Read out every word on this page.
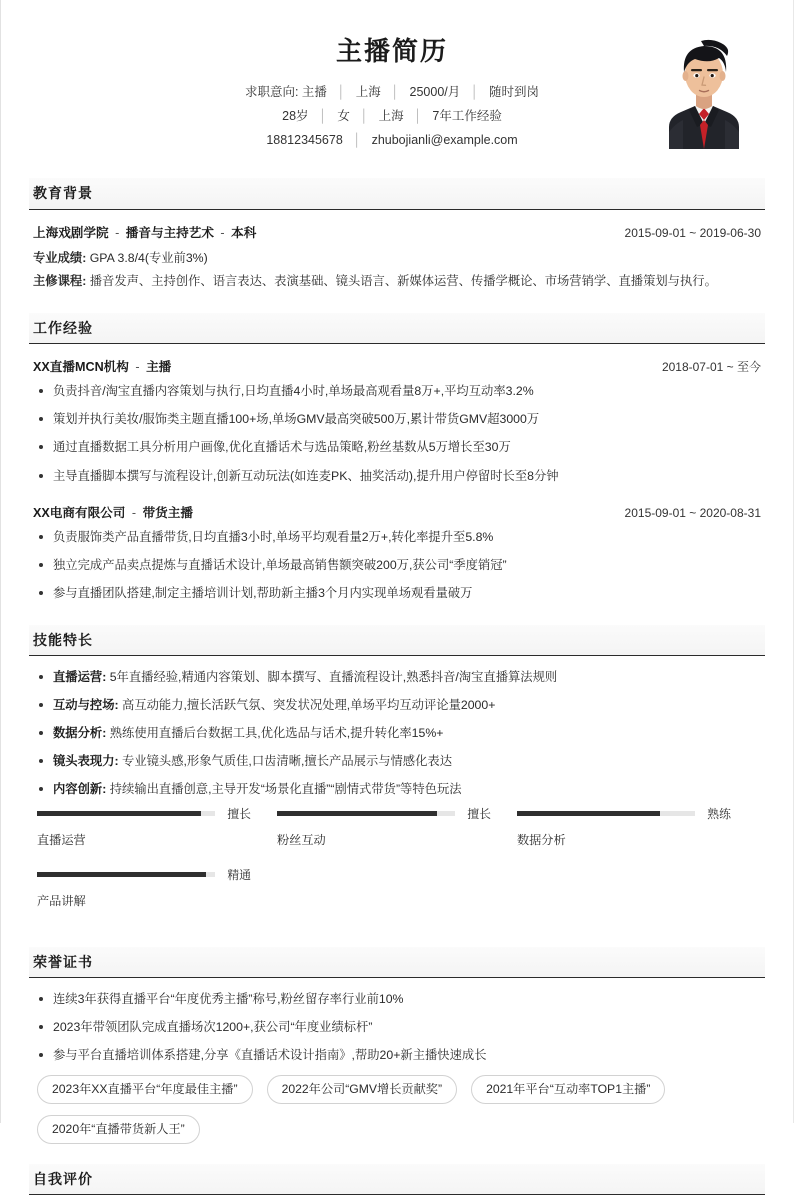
主播简历
求职意向: 主播 │ 上海 │ 25000/月 │ 随时到岗
28岁 │ 女 │ 上海 │ 7年工作经验
18812345678 │ zhubojianli@example.com
教育背景
上海戏剧学院 - 播音与主持艺术 - 本科	2015-09-01 ~ 2019-06-30
专业成绩: GPA 3.8/4(专业前3%)
主修课程: 播音发声、主持创作、语言表达、表演基础、镜头语言、新媒体运营、传播学概论、市场营销学、直播策划与执行。
工作经验
XX直播MCN机构 - 主播	2018-07-01 ~ 至今
负责抖音/淘宝直播内容策划与执行,日均直播4小时,单场最高观看量8万+,平均互动率3.2%
策划并执行美妆/服饰类主题直播100+场,单场GMV最高突破500万,累计带货GMV超3000万
通过直播数据工具分析用户画像,优化直播话术与选品策略,粉丝基数从5万增长至30万
主导直播脚本撰写与流程设计,创新互动玩法(如连麦PK、抽奖活动),提升用户停留时长至8分钟
XX电商有限公司 - 带货主播	2015-09-01 ~ 2020-08-31
负责服饰类产品直播带货,日均直播3小时,单场平均观看量2万+,转化率提升至5.8%
独立完成产品卖点提炼与直播话术设计,单场最高销售额突破200万,获公司“季度销冠”
参与直播团队搭建,制定主播培训计划,帮助新主播3个月内实现单场观看量破万
技能特长
直播运营: 5年直播经验,精通内容策划、脚本撰写、直播流程设计,熟悉抖音/淘宝直播算法规则
互动与控场: 高互动能力,擅长活跃气氛、突发状况处理,单场平均互动评论量2000+
数据分析: 熟练使用直播后台数据工具,优化选品与话术,提升转化率15%+
镜头表现力: 专业镜头感,形象气质佳,口齿清晰,擅长产品展示与情感化表达
内容创新: 持续输出直播创意,主导开发“场景化直播”“剧情式带货”等特色玩法
擅长
直播运营
擅长
粉丝互动
熟练
数据分析
精通
产品讲解
荣誉证书
连续3年获得直播平台“年度优秀主播”称号,粉丝留存率行业前10%
2023年带领团队完成直播场次1200+,获公司“年度业绩标杆”
参与平台直播培训体系搭建,分享《直播话术设计指南》,帮助20+新主播快速成长
2023年XX直播平台“年度最佳主播”	2022年公司“GMV增长贡献奖”	2021年平台“互动率TOP1主播”
2020年“直播带货新人王”
自我评价
